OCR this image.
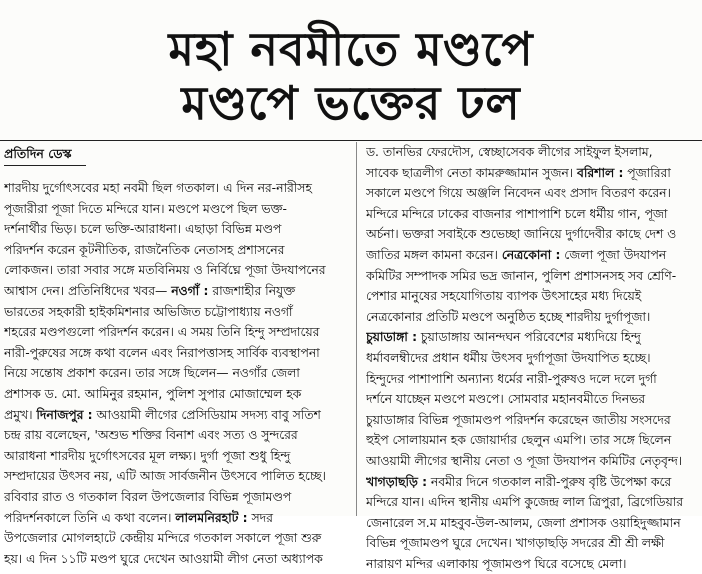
মহা নবমীতে মণ্ডপে
মণ্ডপে ভক্তের ঢল
প্রতিদিন ডেস্ক
শারদীয় দুর্গোৎসবের মহা নবমী ছিল গতকাল। এ দিন নর-নারীসহ
পূজারীরা পূজা দিতে মন্দিরে যান। মণ্ডপে মণ্ডপে ছিল ভক্ত-
দর্শনার্থীর ভিড়। চলে ভক্তি-আরাধনা। এছাড়া বিভিন্ন মণ্ডপ
পরিদর্শন করেন কূটনীতিক, রাজনৈতিক নেতাসহ প্রশাসনের
লোকজন। তারা সবার সঙ্গে মতবিনিময় ও নির্বিঘ্নে পূজা উদযাপনের
আশ্বাস দেন। প্রতিনিধিদের খবর— নওগাঁ : রাজশাহীর নিযুক্ত
ভারতের সহকারী হাইকমিশনার অভিজিত চট্টোপাধ্যায় নওগাঁ
শহরের মণ্ডপগুলো পরিদর্শন করেন। এ সময় তিনি হিন্দু সম্প্রদায়ের
নারী-পুরুষের সঙ্গে কথা বলেন এবং নিরাপত্তাসহ সার্বিক ব্যবস্থাপনা
নিয়ে সন্তোষ প্রকাশ করেন। তার সঙ্গে ছিলেন— নওগাঁর জেলা
প্রশাসক ড. মো. আমিনুর রহমান, পুলিশ সুপার মোজাম্মেল হক
প্রমুখ। দিনাজপুর : আওয়ামী লীগের প্রেসিডিয়াম সদস্য বাবু সতিশ
চন্দ্র রায় বলেছেন, 'অশুভ শক্তির বিনাশ এবং সত্য ও সুন্দরের
আরাধনা শারদীয় দুর্গোৎসবের মূল লক্ষ্য। দুর্গা পূজা শুধু হিন্দু
সম্প্রদায়ের উৎসব নয়, এটি আজ সার্বজনীন উৎসবে পালিত হচ্ছে।
রবিবার রাত ও গতকাল বিরল উপজেলার বিভিন্ন পূজামণ্ডপ
পরিদর্শনকালে তিনি এ কথা বলেন। লালমনিরহাট : সদর
উপজেলার মোগলহাটে কেন্দ্রীয় মন্দিরে গতকাল সকালে পূজা শুরু
হয়। এ দিন ১১টি মণ্ডপ ঘুরে দেখেন আওয়ামী লীগ নেতা অধ্যাপক
ড. তানভির ফেরদৌস, স্বেচ্ছাসেবক লীগের সাইফুল ইসলাম,
সাবেক ছাত্রলীগ নেতা কামরুজ্জামান সুজন। বরিশাল : পূজারিরা
সকালে মণ্ডপে গিয়ে অঞ্জলি নিবেদন এবং প্রসাদ বিতরণ করেন।
মন্দিরে মন্দিরে ঢাকের বাজনার পাশাপাশি চলে ধর্মীয় গান, পূজা
অর্চনা। ভক্তরা সবাইকে শুভেচ্ছা জানিয়ে দুর্গাদেবীর কাছে দেশ ও
জাতির মঙ্গল কামনা করেন। নেত্রকোনা : জেলা পূজা উদযাপন
কমিটির সম্পাদক সমির ভদ্র জানান, পুলিশ প্রশাসনসহ সব শ্রেণি-
পেশার মানুষের সহযোগিতায় ব্যাপক উৎসাহের মধ্য দিয়েই
নেত্রকোনার প্রতিটি মণ্ডপে অনুষ্ঠিত হচ্ছে শারদীয় দুর্গাপূজা।
চুয়াডাঙ্গা : চুয়াডাঙ্গায় আনন্দঘন পরিবেশের মধ্যদিয়ে হিন্দু
ধর্মাবলম্বীদের প্রধান ধর্মীয় উৎসব দুর্গাপূজা উদযাপিত হচ্ছে।
হিন্দুদের পাশাপাশি অন্যান্য ধর্মের নারী-পুরুষও দলে দলে দুর্গা
দর্শনে যাচ্ছেন মণ্ডপে মণ্ডপে। সোমবার মহানবমীতে দিনভর
চুয়াডাঙ্গার বিভিন্ন পূজামণ্ডপ পরিদর্শন করেছেন জাতীয় সংসদের
হুইপ সোলায়মান হক জোয়ার্দার ছেলুন এমপি। তার সঙ্গে ছিলেন
আওয়ামী লীগের স্থানীয় নেতা ও পূজা উদযাপন কমিটির নেতৃবৃন্দ।
খাগড়াছড়ি : নবমীর দিনে গতকাল নারী-পুরুষ বৃষ্টি উপেক্ষা করে
মন্দিরে যান। এদিন স্থানীয় এমপি কুজেন্দ্র লাল ত্রিপুরা, ব্রিগেডিয়ার
জেনারেল স.ম মাহবুব-উল-আলম, জেলা প্রশাসক ওয়াহিদুজ্জামান
বিভিন্ন পূজামণ্ডপ ঘুরে দেখেন। খাগড়াছড়ি সদরের শ্রী শ্রী লক্ষী
নারায়ণ মন্দির এলাকায় পূজামণ্ডপ ঘিরে বসেছে মেলা।
